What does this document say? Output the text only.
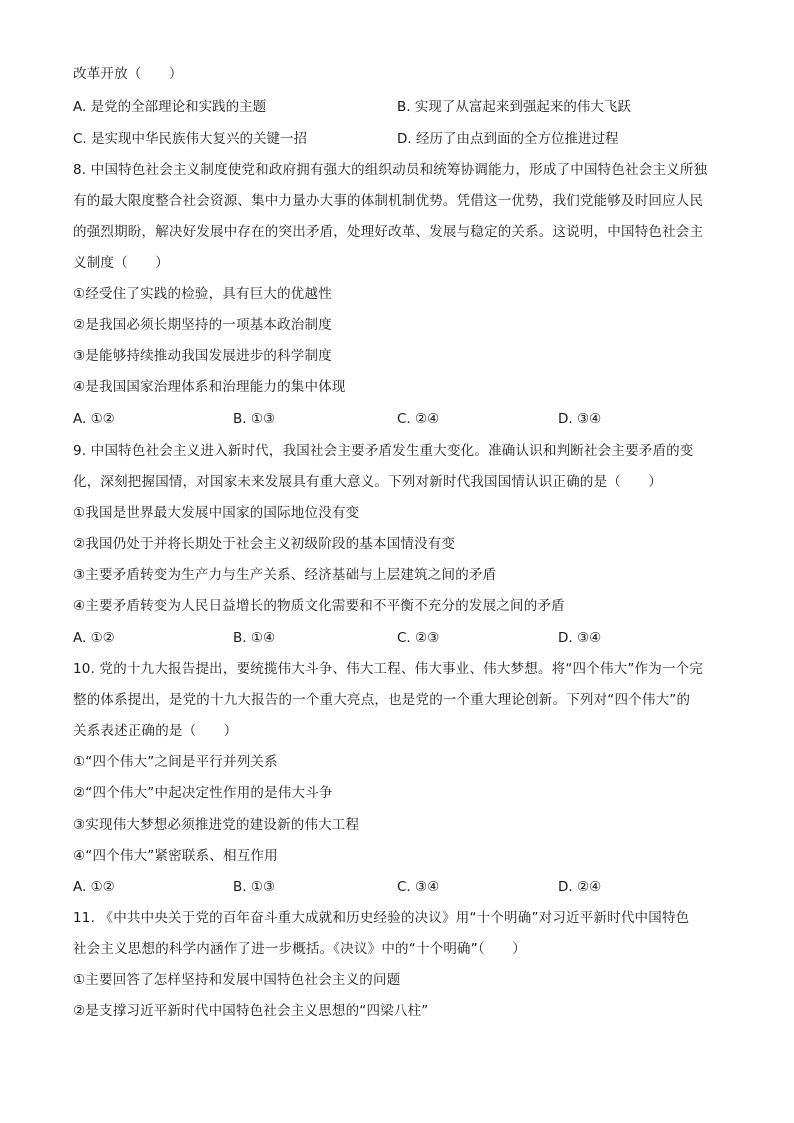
改革开放（　　）
A. 是党的全部理论和实践的主题	B. 实现了从富起来到强起来的伟大飞跃
C. 是实现中华民族伟大复兴的关键一招	D. 经历了由点到面的全方位推进过程
8. 中国特色社会主义制度使党和政府拥有强大的组织动员和统筹协调能力，形成了中国特色社会主义所独
有的最大限度整合社会资源、集中力量办大事的体制机制优势。凭借这一优势，我们党能够及时回应人民
的强烈期盼，解决好发展中存在的突出矛盾，处理好改革、发展与稳定的关系。这说明，中国特色社会主
义制度（　　）
①经受住了实践的检验，具有巨大的优越性
②是我国必须长期坚持的一项基本政治制度
③是能够持续推动我国发展进步的科学制度
④是我国国家治理体系和治理能力的集中体现
A. ①②	B. ①③	C. ②④	D. ③④
9. 中国特色社会主义进入新时代，我国社会主要矛盾发生重大变化。准确认识和判断社会主要矛盾的变
化，深刻把握国情，对国家未来发展具有重大意义。下列对新时代我国国情认识正确的是（　　）
①我国是世界最大发展中国家的国际地位没有变
②我国仍处于并将长期处于社会主义初级阶段的基本国情没有变
③主要矛盾转变为生产力与生产关系、经济基础与上层建筑之间的矛盾
④主要矛盾转变为人民日益增长的物质文化需要和不平衡不充分的发展之间的矛盾
A. ①②	B. ①④	C. ②③	D. ③④
10. 党的十九大报告提出，要统揽伟大斗争、伟大工程、伟大事业、伟大梦想。将“四个伟大”作为一个完
整的体系提出，是党的十九大报告的一个重大亮点，也是党的一个重大理论创新。下列对“四个伟大”的
关系表述正确的是（　　）
①“四个伟大”之间是平行并列关系
②“四个伟大”中起决定性作用的是伟大斗争
③实现伟大梦想必须推进党的建设新的伟大工程
④“四个伟大”紧密联系、相互作用
A. ①②	B. ①③	C. ③④	D. ②④
11. 《中共中央关于党的百年奋斗重大成就和历史经验的决议》用“十个明确”对习近平新时代中国特色
社会主义思想的科学内涵作了进一步概括。《决议》中的“十个明确”（　　）
①主要回答了怎样坚持和发展中国特色社会主义的问题
②是支撑习近平新时代中国特色社会主义思想的“四梁八柱”
